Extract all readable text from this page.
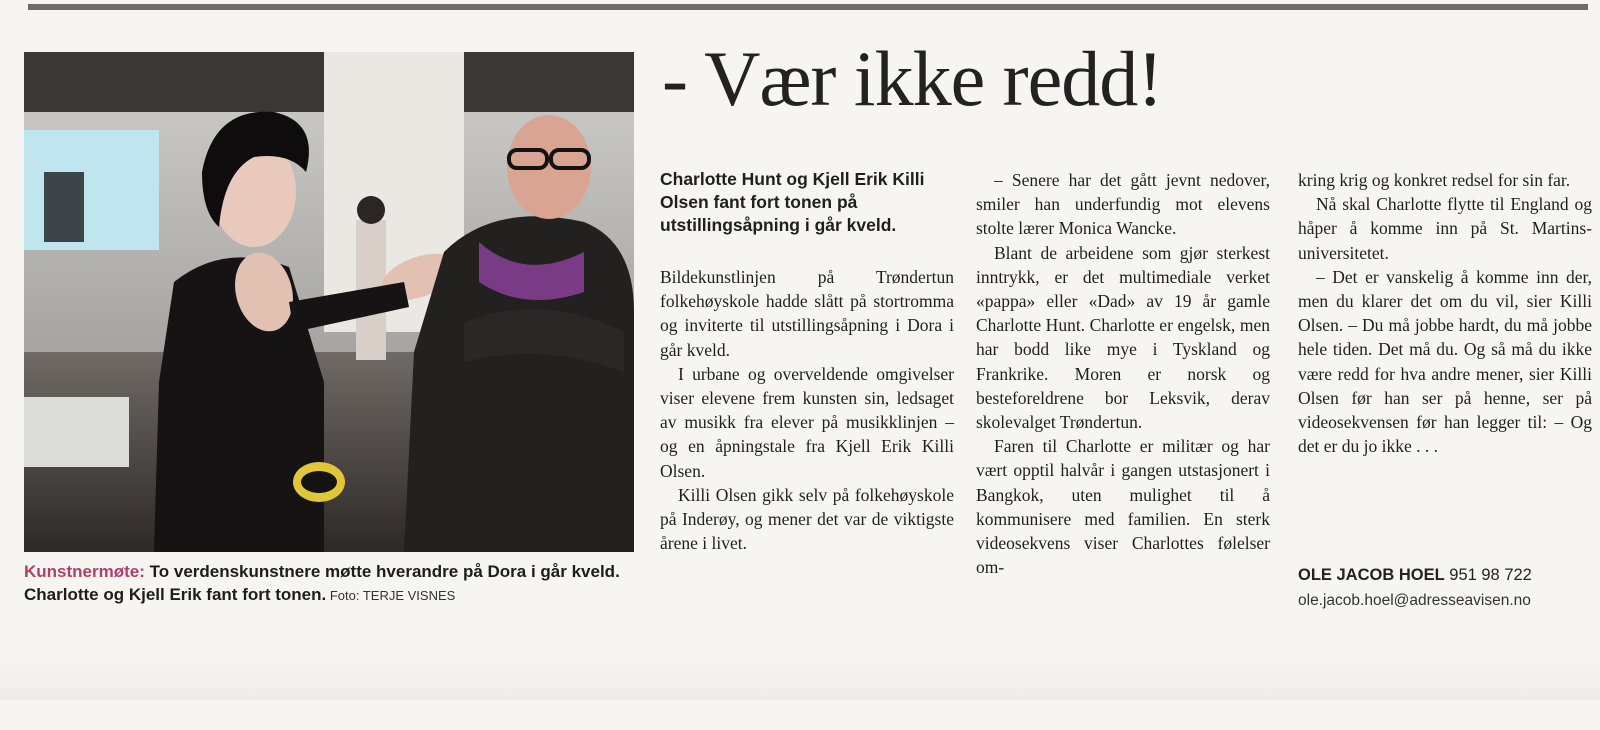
Kunstnermøte: To verdenskunstnere møtte hverandre på Dora i går kveld. Charlotte og Kjell Erik fant fort tonen. Foto: TERJE VISNES
- Vær ikke redd!
Charlotte Hunt og Kjell Erik Killi Olsen fant fort tonen på utstillingsåpning i går kveld.

Bildekunstlinjen på Trøndertun folkehøyskole hadde slått på stortromma og inviterte til utstillingsåpning i Dora i går kveld.

I urbane og overveldende omgivelser viser elevene frem kunsten sin, ledsaget av musikk fra elever på musikklinjen – og en åpningstale fra Kjell Erik Killi Olsen.

Killi Olsen gikk selv på folkehøyskole på Inderøy, og mener det var de viktigste årene i livet.

– Senere har det gått jevnt nedover, smiler han underfundig mot elevens stolte lærer Monica Wancke.

Blant de arbeidene som gjør sterkest inntrykk, er det multimediale verket «pappa» eller «Dad» av 19 år gamle Charlotte Hunt. Charlotte er engelsk, men har bodd like mye i Tyskland og Frankrike. Moren er norsk og besteforeldrene bor Leksvik, derav skolevalget Trøndertun.

Faren til Charlotte er militær og har vært opptil halvår i gangen utstasjonert i Bangkok, uten mulighet til å kommunisere med familien. En sterk videosekvens viser Charlottes følelser om-

kring krig og konkret redsel for sin far.

Nå skal Charlotte flytte til England og håper å komme inn på St. Martins-universitetet.

– Det er vanskelig å komme inn der, men du klarer det om du vil, sier Killi Olsen. – Du må jobbe hardt, du må jobbe hele tiden. Det må du. Og så må du ikke være redd for hva andre mener, sier Killi Olsen før han ser på henne, ser på videosekvensen før han legger til: – Og det er du jo ikke . . .

OLE JACOB HOEL 951 98 722
ole.jacob.hoel@adresseavisen.no
